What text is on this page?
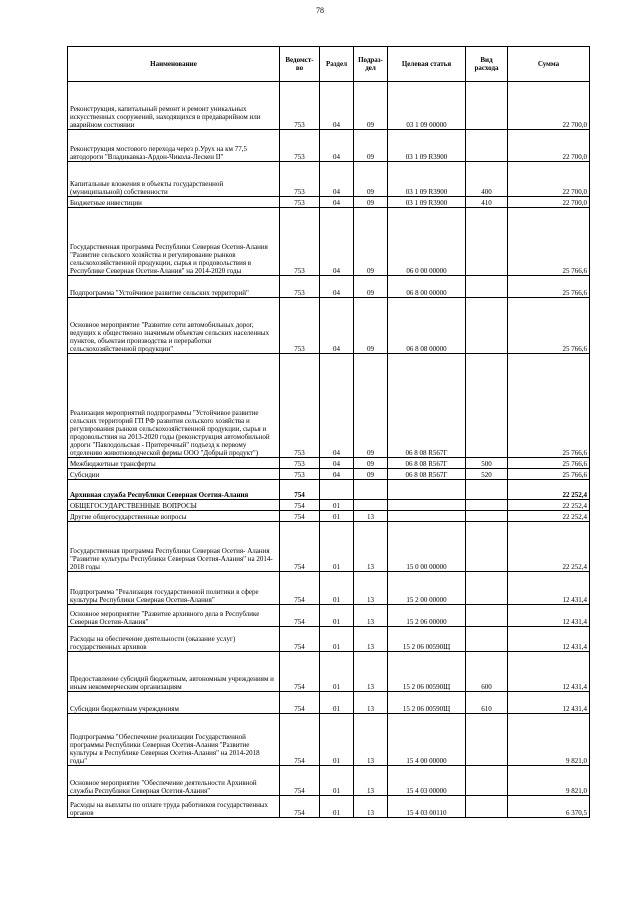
78
Наименование	Ведомст-во	Раздел	Подраз-дел	Целевая статья	Вид расхода	Сумма
Реконструкция, капитальный ремонт и ремонт уникальных искусственных сооружений, находящихся в предаварийном или аварийном состоянии	753	04	09	03 1 09 00000		22 700,0
Реконструкция мостового перехода через р.Урух на км 77,5 автодороги "Владикавказ-Ардон-Чикола-Лескен II"	753	04	09	03 1 09 R3900		22 700,0
Капитальные вложения в объекты государственной (муниципальной) собственности	753	04	09	03 1 09 R3900	400	22 700,0
Бюджетные инвестиции	753	04	09	03 1 09 R3900	410	22 700,0
Государственная программа Республики Северная Осетия-Алания "Развитие сельского хозяйства и регулирование рынков сельскохозяйственной продукции, сырья и продовольствия в Республике Северная Осетия-Алания" на 2014-2020 годы	753	04	09	06 0 00 00000		25 766,6
Подпрограмма "Устойчивое развитие сельских территорий"	753	04	09	06 8 00 00000		25 766,6
Основное мероприятие "Развитие сети автомобильных дорог, ведущих к общественно значимым объектам сельских населенных пунктов, объектам производства и переработки сельскохозяйственной продукции"	753	04	09	06 8 08 00000		25 766,6
Реализация мероприятий подпрограммы "Устойчивое развитие сельских территорий ГП РФ развития сельского хозяйства и регулирования рынков сельскохозяйственной продукции, сырья и продовольствия на 2013-2020 годы (реконструкция автомобильной дороги "Павлодольская - Притеречный" подъезд к первому отделению животноводческой фермы ООО "Добрый продукт")	753	04	09	06 8 08 R567Г		25 766,6
Межбюджетные трансферты	753	04	09	06 8 08 R567Г	500	25 766,6
Субсидии	753	04	09	06 8 08 R567Г	520	25 766,6
Архивная служба Республики Северная Осетия-Алания	754					22 252,4
ОБЩЕГОСУДАРСТВЕННЫЕ ВОПРОСЫ	754	01				22 252,4
Другие общегосударственные вопросы	754	01	13			22 252,4
Государственная программа Республики Северная Осетия- Алания "Развитие культуры Республики Северная Осетия-Алания" на 2014-2018 годы	754	01	13	15 0 00 00000		22 252,4
Подпрограмма "Реализация государственной политики в сфере культуры Республики Северная Осетия-Алания"	754	01	13	15 2 00 00000		12 431,4
Основное мероприятие "Развитие архивного дела в Республике Северная Осетия-Алания"	754	01	13	15 2 06 00000		12 431,4
Расходы на обеспечение деятельности (оказание услуг) государственных архивов	754	01	13	15 2 06 00590Щ		12 431,4
Предоставление субсидий бюджетным, автономным учреждениям и иным некоммерческим организациям	754	01	13	15 2 06 00590Щ	600	12 431,4
Субсидии бюджетным учреждениям	754	01	13	15 2 06 00590Щ	610	12 431,4
Подпрограмма "Обеспечение реализации Государственной программы Республики Северная Осетия-Алания "Развитие культуры в Республике Северная Осетия-Алания" на 2014-2018 годы"	754	01	13	15 4 00 00000		9 821,0
Основное мероприятие "Обеспечение деятельности Архивной службы Республики Северная Осетия-Алания"	754	01	13	15 4 03 00000		9 821,0
Расходы на выплаты по оплате труда работников государственных органов	754	01	13	15 4 03 00110		6 370,5
